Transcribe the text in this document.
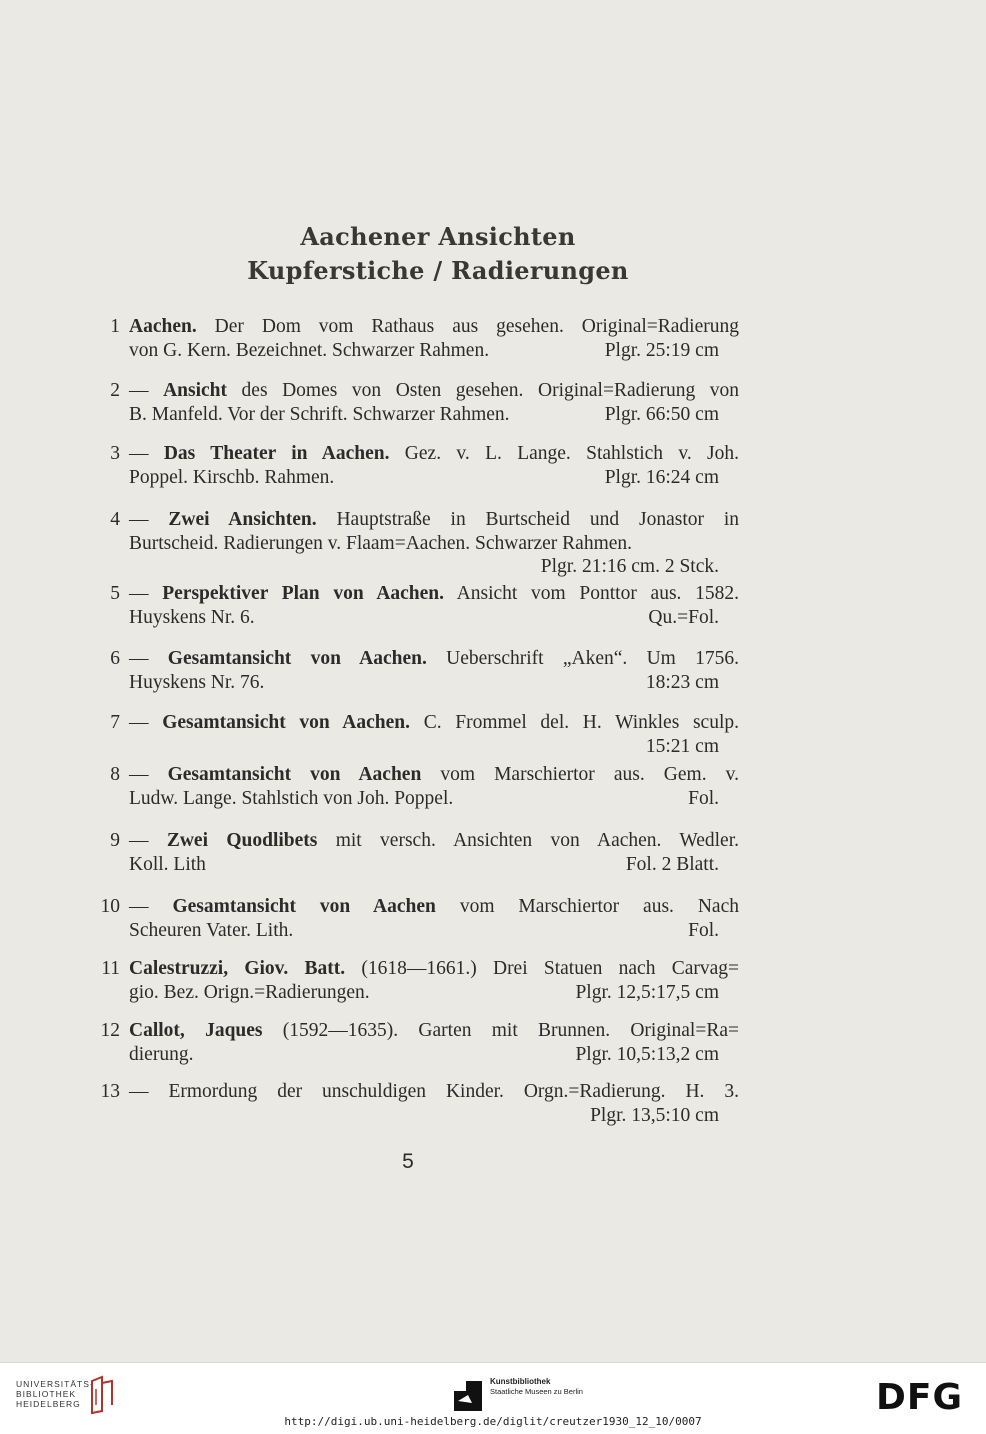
Aachener Ansichten
Kupferstiche / Radierungen
1 Aachen. Der Dom vom Rathaus aus gesehen. Original=Radierung
von G. Kern. Bezeichnet. Schwarzer Rahmen.	Plgr. 25:19 cm
2 — Ansicht des Domes von Osten gesehen. Original=Radierung von
B. Manfeld. Vor der Schrift. Schwarzer Rahmen.	Plgr. 66:50 cm
3 — Das Theater in Aachen. Gez. v. L. Lange. Stahlstich v. Joh.
Poppel. Kirschb. Rahmen.	Plgr. 16:24 cm
4 — Zwei Ansichten. Hauptstraße in Burtscheid und Jonastor in
Burtscheid. Radierungen v. Flaam=Aachen. Schwarzer Rahmen.
Plgr. 21:16 cm. 2 Stck.
5 — Perspektiver Plan von Aachen. Ansicht vom Ponttor aus. 1582.
Huyskens Nr. 6.	Qu.=Fol.
6 — Gesamtansicht von Aachen. Ueberschrift „Aken“. Um 1756.
Huyskens Nr. 76.	18:23 cm
7 — Gesamtansicht von Aachen. C. Frommel del. H. Winkles sculp.
15:21 cm
8 — Gesamtansicht von Aachen vom Marschiertor aus. Gem. v.
Ludw. Lange. Stahlstich von Joh. Poppel.	Fol.
9 — Zwei Quodlibets mit versch. Ansichten von Aachen. Wedler.
Koll. Lith	Fol. 2 Blatt.
10 — Gesamtansicht von Aachen vom Marschiertor aus. Nach
Scheuren Vater. Lith.	Fol.
11 Calestruzzi, Giov. Batt. (1618—1661.) Drei Statuen nach Carvag=
gio. Bez. Orign.=Radierungen.	Plgr. 12,5:17,5 cm
12 Callot, Jaques (1592—1635). Garten mit Brunnen. Original=Ra=
dierung.	Plgr. 10,5:13,2 cm
13 — Ermordung der unschuldigen Kinder. Orgn.=Radierung. H. 3.
Plgr. 13,5:10 cm
5
UNIVERSITÄTS-
BIBLIOTHEK
HEIDELBERG
Kunstbibliothek
Staatliche Museen zu Berlin	DFG
http://digi.ub.uni-heidelberg.de/diglit/creutzer1930_12_10/0007
